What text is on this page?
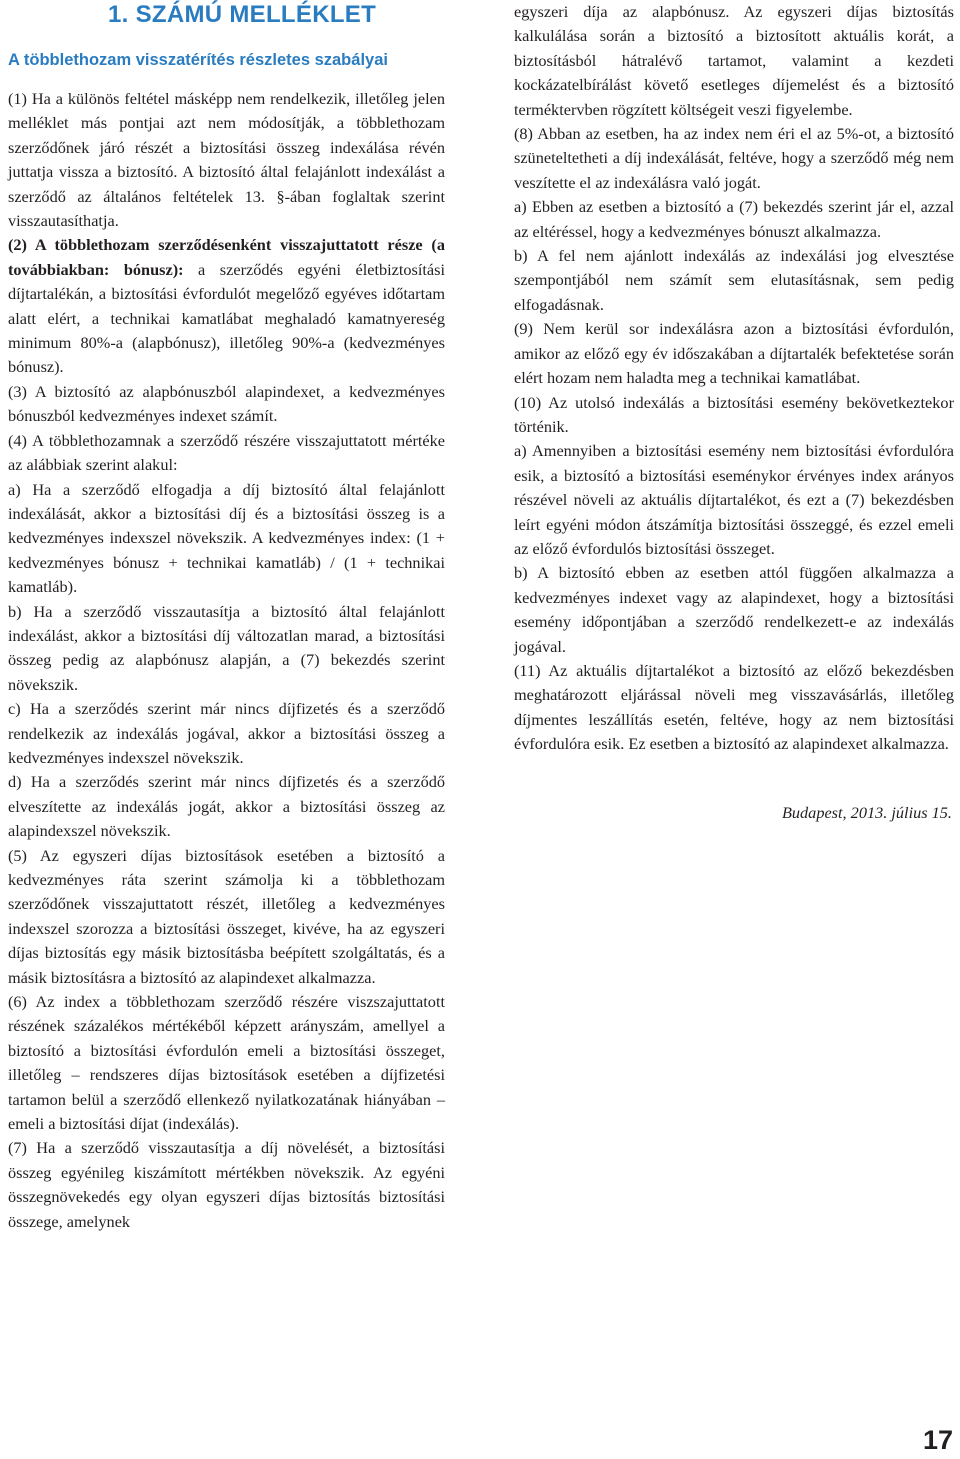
1. SZÁMÚ MELLÉKLET
A többlethozam visszatérítés részletes szabályai

(1) Ha a különös feltétel másképp nem rendelkezik, illetőleg jelen melléklet más pontjai azt nem módosítják, a többlethozam szerződőnek járó részét a biztosítási összeg indexálása révén juttatja vissza a biztosító. A biztosító által felajánlott indexálást a szerződő az általános feltételek 13. §-ában foglaltak szerint visszautasíthatja.

(2) A többlethozam szerződésenként visszajuttatott része (a továbbiakban: bónusz): a szerződés egyéni életbiztosítási díjtartalékán, a biztosítási évfordulót megelőző egyéves időtartam alatt elért, a technikai kamatlábat meghaladó kamatnyereség minimum 80%-a (alapbónusz), illetőleg 90%-a (kedvezményes bónusz).

(3) A biztosító az alapbónuszból alapindexet, a kedvezményes bónuszból kedvezményes indexet számít.

(4) A többlethozamnak a szerződő részére visszajuttatott mértéke az alábbiak szerint alakul:

a) Ha a szerződő elfogadja a díj biztosító által felajánlott indexálását, akkor a biztosítási díj és a biztosítási összeg is a kedvezményes indexszel növekszik. A kedvezményes index: (1 + kedvezményes bónusz + technikai kamatláb) / (1 + technikai kamatláb).

b) Ha a szerződő visszautasítja a biztosító által felajánlott indexálást, akkor a biztosítási díj változatlan marad, a biztosítási összeg pedig az alapbónusz alapján, a (7) bekezdés szerint növekszik.

c) Ha a szerződés szerint már nincs díjfizetés és a szerződő rendelkezik az indexálás jogával, akkor a biztosítási összeg a kedvezményes indexszel növekszik.

d) Ha a szerződés szerint már nincs díjfizetés és a szerződő elveszítette az indexálás jogát, akkor a biztosítási összeg az alapindexszel növekszik.

(5) Az egyszeri díjas biztosítások esetében a biztosító a kedvezményes ráta szerint számolja ki a többlethozam szerződőnek visszajuttatott részét, illetőleg a kedvezményes indexszel szorozza a biztosítási összeget, kivéve, ha az egyszeri díjas biztosítás egy másik biztosításba beépített szolgáltatás, és a másik biztosításra a biztosító az alapindexet alkalmazza.

(6) Az index a többlethozam szerződő részére viszszajuttatott részének százalékos mértékéből képzett arányszám, amellyel a biztosító a biztosítási évfordulón emeli a biztosítási összeget, illetőleg – rendszeres díjas biztosítások esetében a díjfizetési tartamon belül a szerződő ellenkező nyilatkozatának hiányában – emeli a biztosítási díjat (indexálás).

(7) Ha a szerződő visszautasítja a díj növelését, a biztosítási összeg egyénileg kiszámított mértékben növekszik. Az egyéni összegnövekedés egy olyan egyszeri díjas biztosítás biztosítási összege, amelynek

egyszeri díja az alapbónusz. Az egyszeri díjas biztosítás kalkulálása során a biztosító a biztosított aktuális korát, a biztosításból hátralévő tartamot, valamint a kezdeti kockázatelbírálást követő esetleges díjemelést és a biztosító terméktervben rögzített költségeit veszi figyelembe.

(8) Abban az esetben, ha az index nem éri el az 5%-ot, a biztosító szüneteltetheti a díj indexálását, feltéve, hogy a szerződő még nem veszítette el az indexálásra való jogát.

a) Ebben az esetben a biztosító a (7) bekezdés szerint jár el, azzal az eltéréssel, hogy a kedvezményes bónuszt alkalmazza.

b) A fel nem ajánlott indexálás az indexálási jog elvesztése szempontjából nem számít sem elutasításnak, sem pedig elfogadásnak.

(9) Nem kerül sor indexálásra azon a biztosítási évfordulón, amikor az előző egy év időszakában a díjtartalék befektetése során elért hozam nem haladta meg a technikai kamatlábat.

(10) Az utolsó indexálás a biztosítási esemény bekövetkeztekor történik.

a) Amennyiben a biztosítási esemény nem biztosítási évfordulóra esik, a biztosító a biztosítási eseménykor érvényes index arányos részével növeli az aktuális díjtartalékot, és ezt a (7) bekezdésben leírt egyéni módon átszámítja biztosítási összeggé, és ezzel emeli az előző évfordulós biztosítási összeget.

b) A biztosító ebben az esetben attól függően alkalmazza a kedvezményes indexet vagy az alapindexet, hogy a biztosítási esemény időpontjában a szerződő rendelkezett-e az indexálás jogával.

(11) Az aktuális díjtartalékot a biztosító az előző bekezdésben meghatározott eljárással növeli meg visszavásárlás, illetőleg díjmentes leszállítás esetén, feltéve, hogy az nem biztosítási évfordulóra esik. Ez esetben a biztosító az alapindexet alkalmazza.

Budapest, 2013. július 15.

17
